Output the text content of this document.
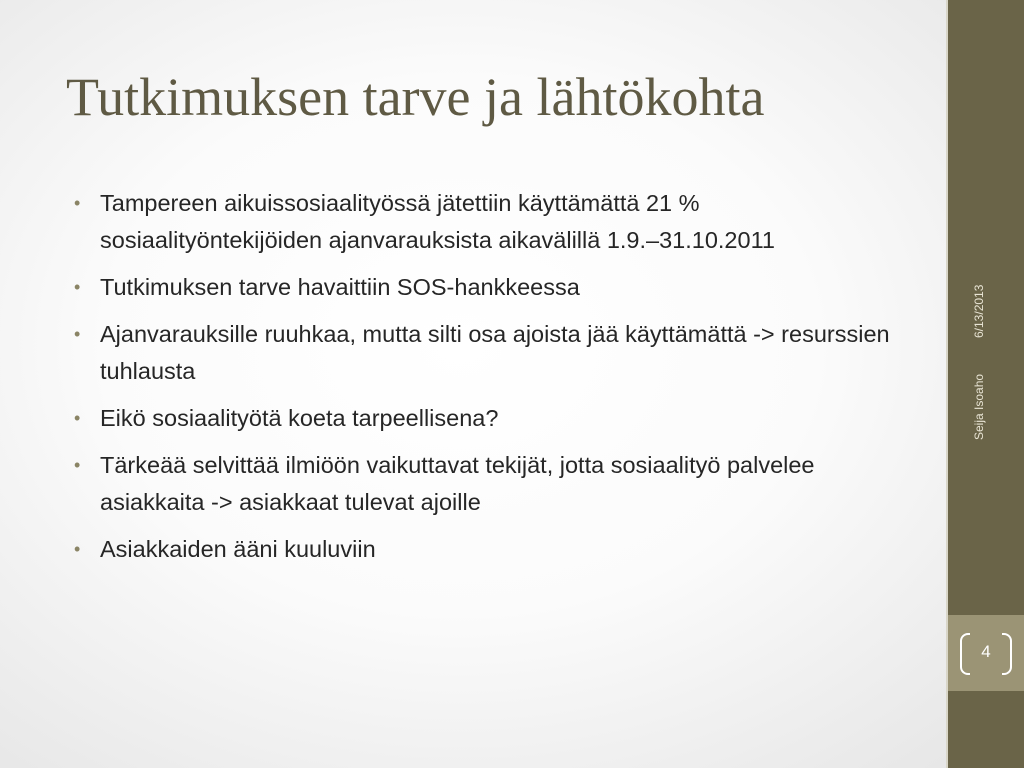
Tutkimuksen tarve ja lähtökohta
• Tampereen aikuissosiaalityössä jätettiin käyttämättä 21 % sosiaalityöntekijöiden ajanvarauksista aikavälillä 1.9.–31.10.2011
• Tutkimuksen tarve havaittiin SOS-hankkeessa
• Ajanvarauksille ruuhkaa, mutta silti osa ajoista jää käyttämättä -> resurssien tuhlausta
• Eikö sosiaalityötä koeta tarpeellisena?
• Tärkeää selvittää ilmiöön vaikuttavat tekijät, jotta sosiaalityö palvelee asiakkaita -> asiakkaat tulevat ajoille
• Asiakkaiden ääni kuuluviin
6/13/2013
Seija Isoaho
4
